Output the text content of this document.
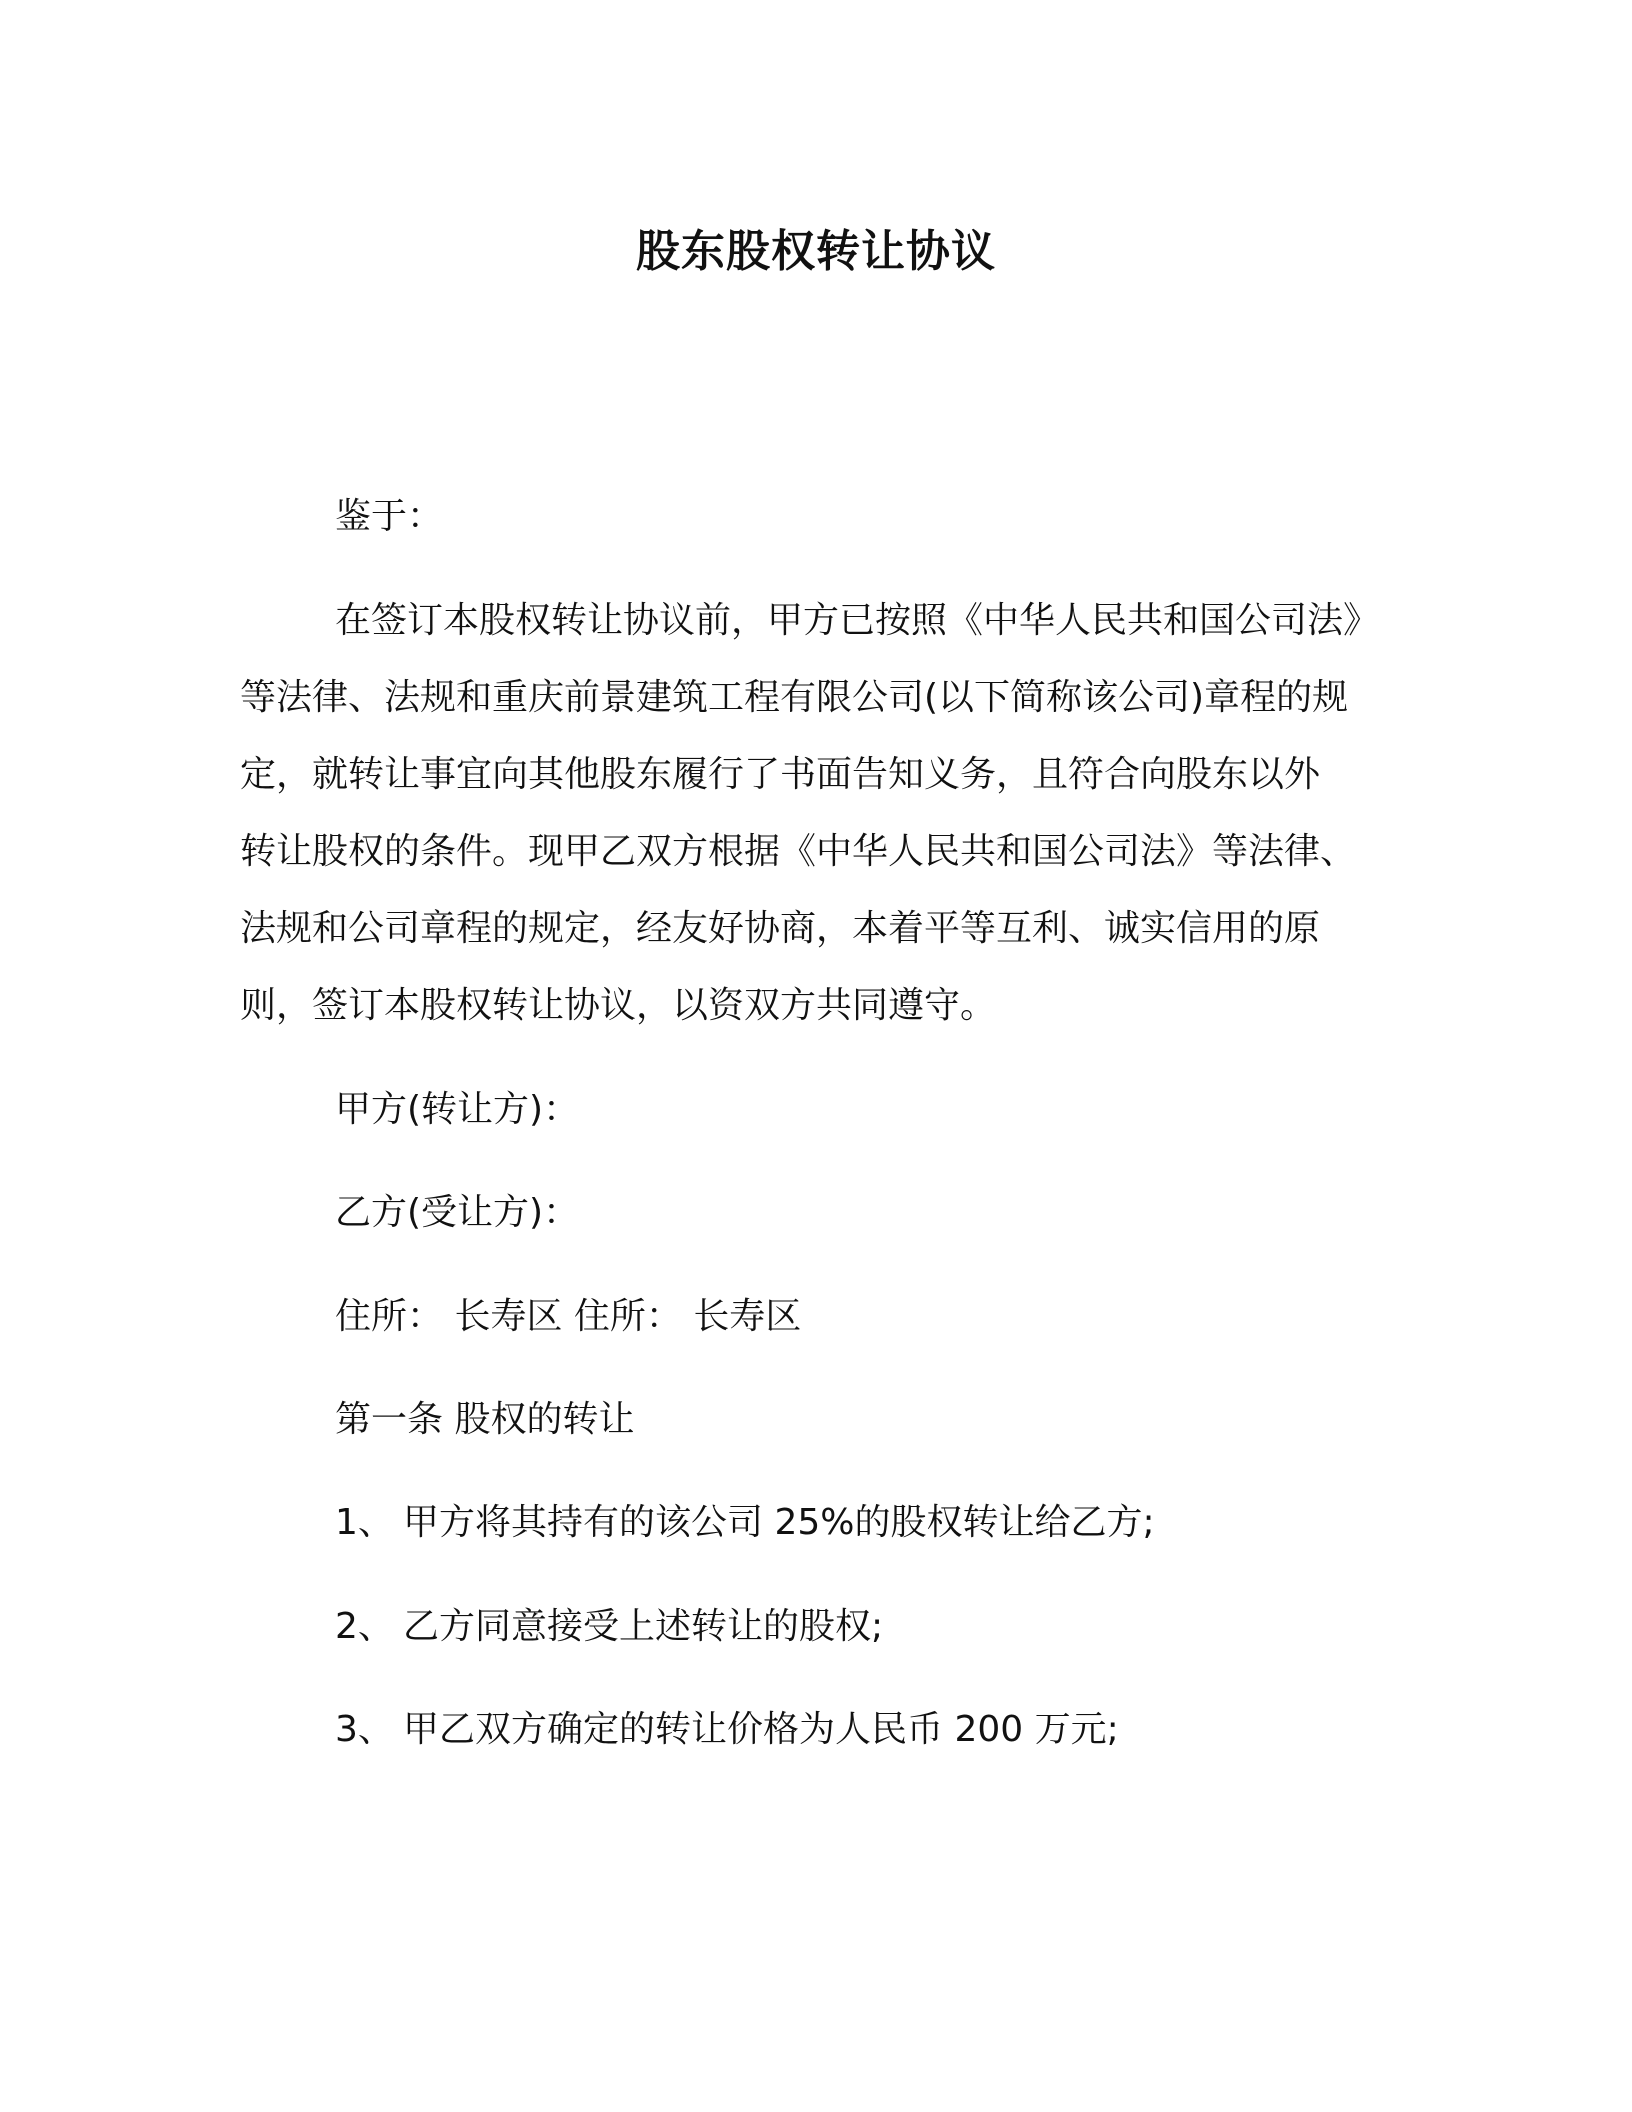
股东股权转让协议
鉴于：
在签订本股权转让协议前，甲方已按照《中华人民共和国公司法》
等法律、法规和重庆前景建筑工程有限公司(以下简称该公司)章程的规
定，就转让事宜向其他股东履行了书面告知义务，且符合向股东以外
转让股权的条件。现甲乙双方根据《中华人民共和国公司法》等法律、
法规和公司章程的规定，经友好协商，本着平等互利、诚实信用的原
则，签订本股权转让协议，以资双方共同遵守。
甲方(转让方)：
乙方(受让方)：
住所： 长寿区 住所： 长寿区
第一条 股权的转让
1、 甲方将其持有的该公司 25%的股权转让给乙方;
2、 乙方同意接受上述转让的股权;
3、 甲乙双方确定的转让价格为人民币 200 万元;
